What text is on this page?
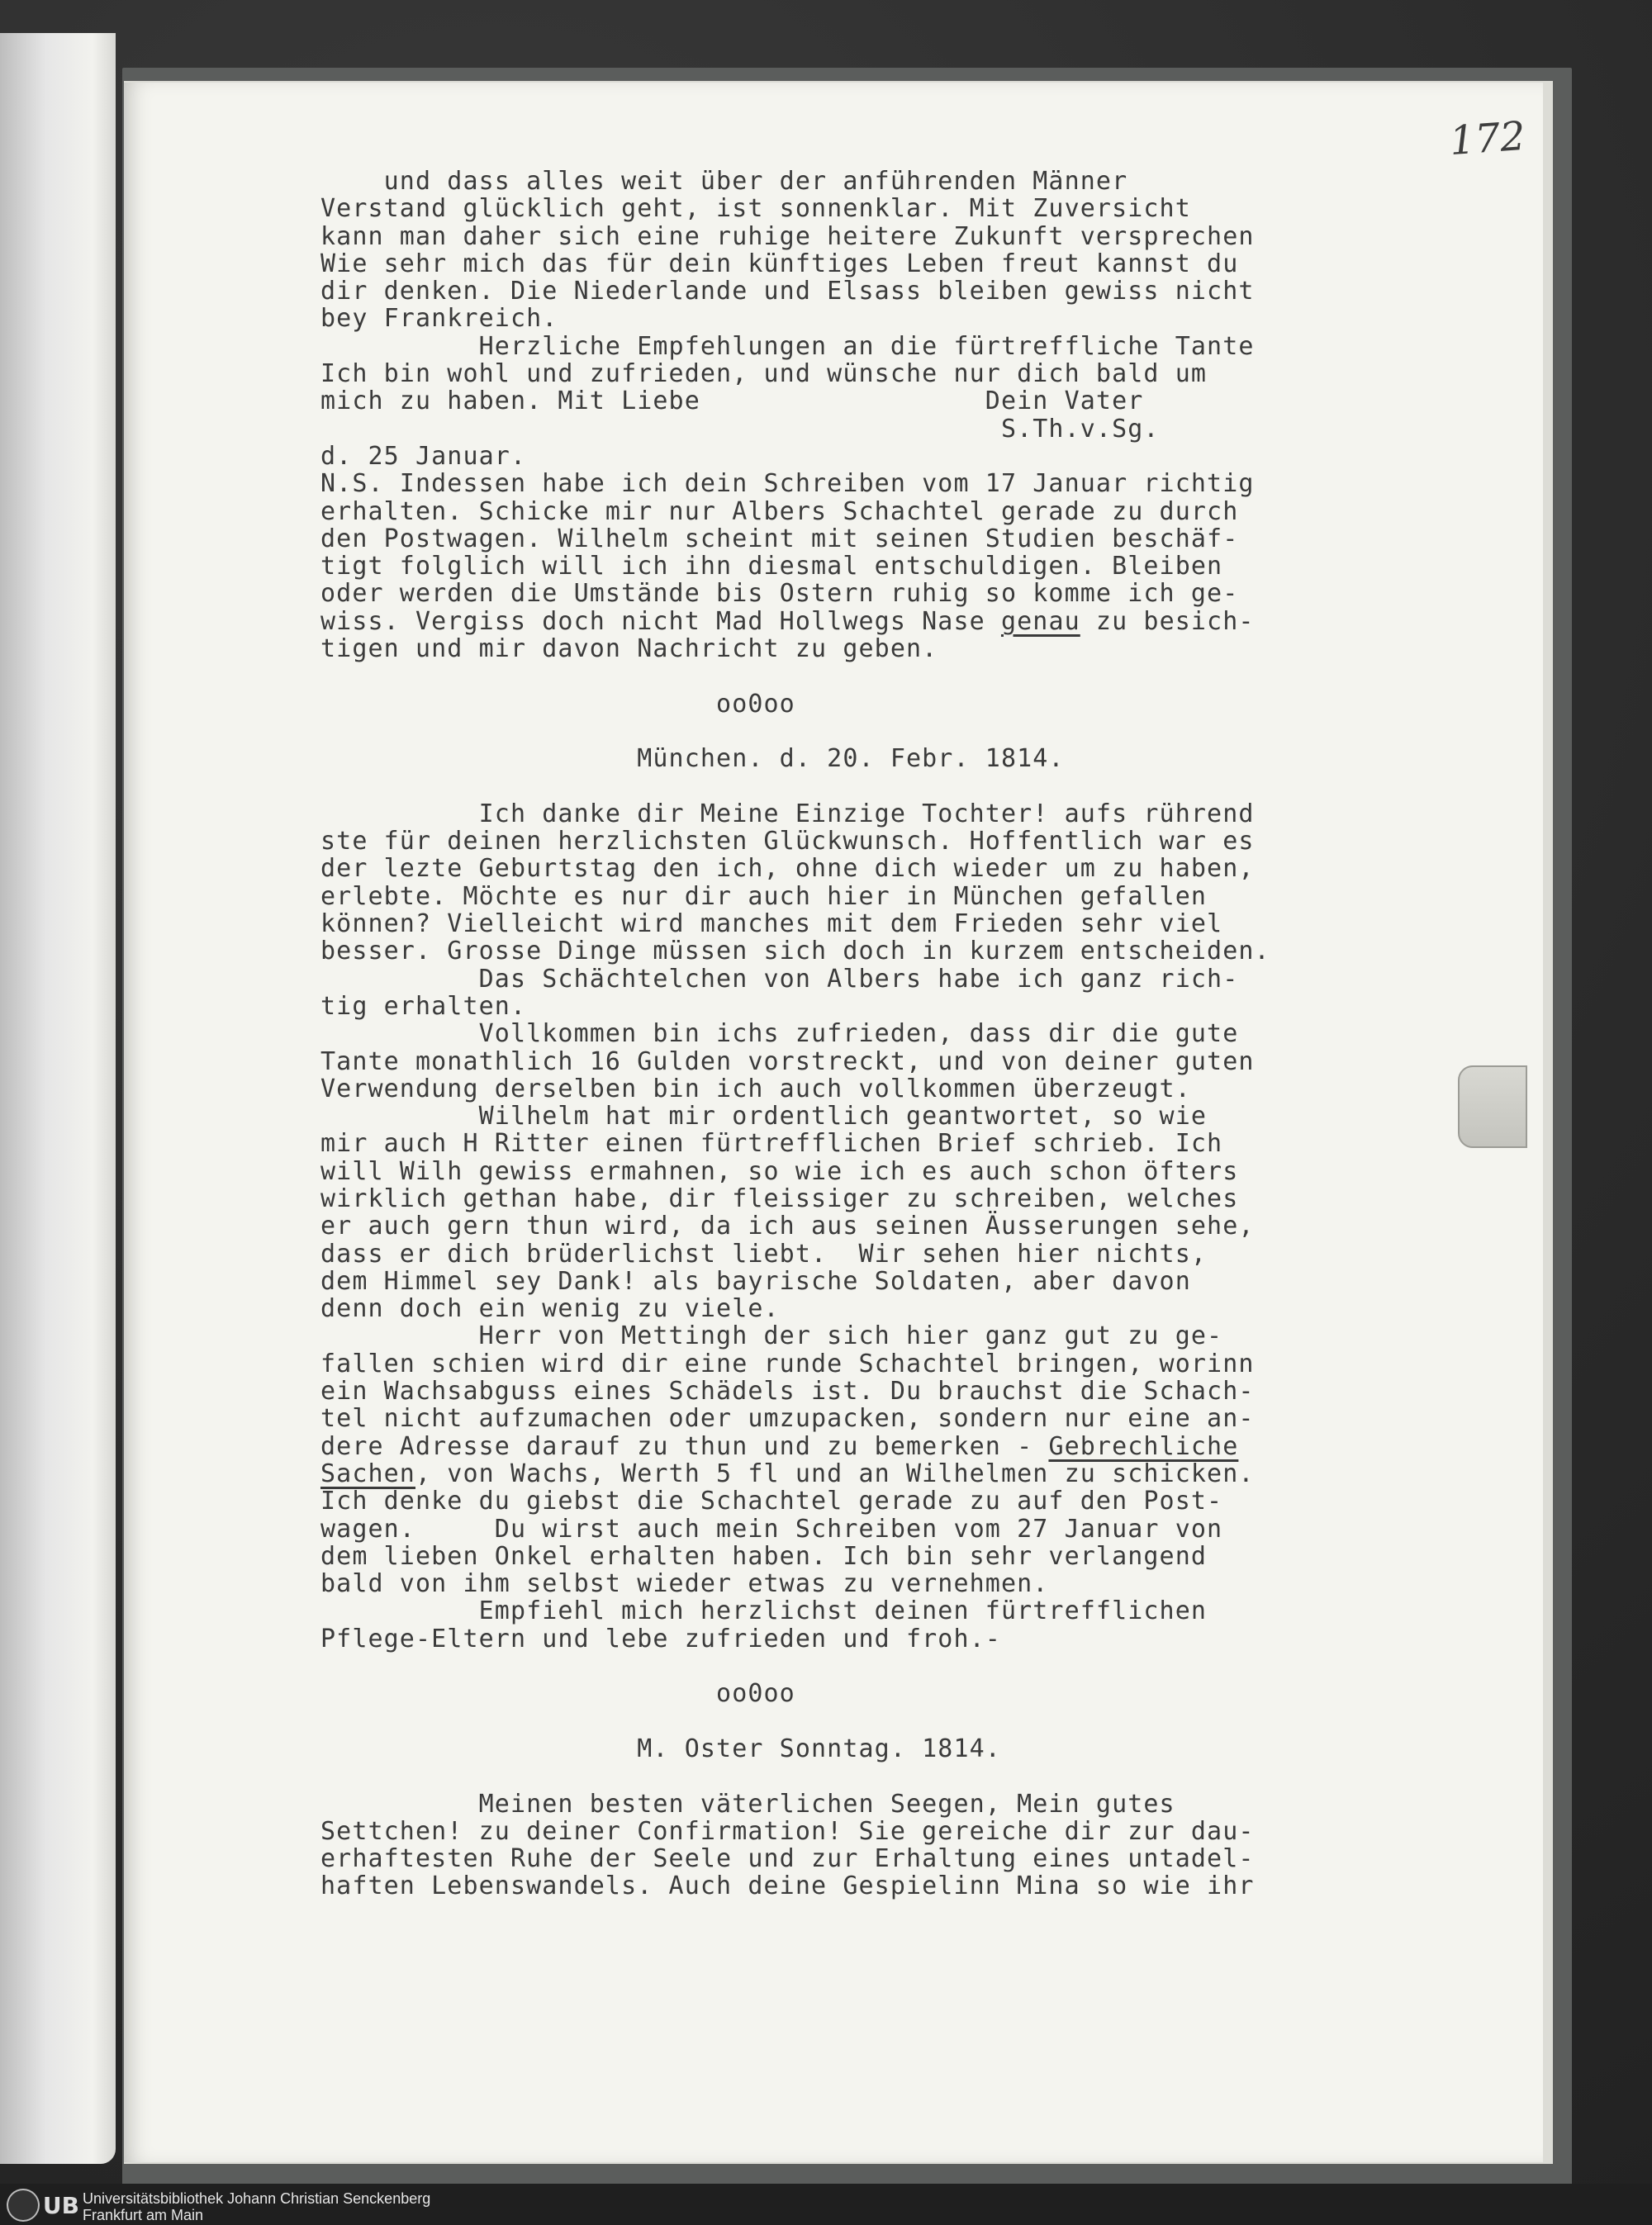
172
und dass alles weit über der anführenden Männer
Verstand glücklich geht, ist sonnenklar. Mit Zuversicht
kann man daher sich eine ruhige heitere Zukunft versprechen
Wie sehr mich das für dein künftiges Leben freut kannst du
dir denken. Die Niederlande und Elsass bleiben gewiss nicht
bey Frankreich.
Herzliche Empfehlungen an die fürtreffliche Tante
Ich bin wohl und zufrieden, und wünsche nur dich bald um
mich zu haben. Mit Liebe                  Dein Vater
S.Th.v.Sg.
d. 25 Januar.
N.S. Indessen habe ich dein Schreiben vom 17 Januar richtig
erhalten. Schicke mir nur Albers Schachtel gerade zu durch
den Postwagen. Wilhelm scheint mit seinen Studien beschäf-
tigt folglich will ich ihn diesmal entschuldigen. Bleiben
oder werden die Umstände bis Ostern ruhig so komme ich ge-
wiss. Vergiss doch nicht Mad Hollwegs Nase genau zu besich-
tigen und mir davon Nachricht zu geben.
oo0oo
München. d. 20. Febr. 1814.
Ich danke dir Meine Einzige Tochter! aufs rührend
ste für deinen herzlichsten Glückwunsch. Hoffentlich war es
der lezte Geburtstag den ich, ohne dich wieder um zu haben,
erlebte. Möchte es nur dir auch hier in München gefallen
können? Vielleicht wird manches mit dem Frieden sehr viel
besser. Grosse Dinge müssen sich doch in kurzem entscheiden.
Das Schächtelchen von Albers habe ich ganz rich-
tig erhalten.
Vollkommen bin ichs zufrieden, dass dir die gute
Tante monathlich 16 Gulden vorstreckt, und von deiner guten
Verwendung derselben bin ich auch vollkommen überzeugt.
Wilhelm hat mir ordentlich geantwortet, so wie
mir auch H Ritter einen fürtrefflichen Brief schrieb. Ich
will Wilh gewiss ermahnen, so wie ich es auch schon öfters
wirklich gethan habe, dir fleissiger zu schreiben, welches
er auch gern thun wird, da ich aus seinen Äusserungen sehe,
dass er dich brüderlichst liebt.  Wir sehen hier nichts,
dem Himmel sey Dank! als bayrische Soldaten, aber davon
denn doch ein wenig zu viele.
Herr von Mettingh der sich hier ganz gut zu ge-
fallen schien wird dir eine runde Schachtel bringen, worinn
ein Wachsabguss eines Schädels ist. Du brauchst die Schach-
tel nicht aufzumachen oder umzupacken, sondern nur eine an-
dere Adresse darauf zu thun und zu bemerken - Gebrechliche
Sachen, von Wachs, Werth 5 fl und an Wilhelmen zu schicken.
Ich denke du giebst die Schachtel gerade zu auf den Post-
wagen.     Du wirst auch mein Schreiben vom 27 Januar von
dem lieben Onkel erhalten haben. Ich bin sehr verlangend
bald von ihm selbst wieder etwas zu vernehmen.
Empfiehl mich herzlichst deinen fürtrefflichen
Pflege-Eltern und lebe zufrieden und froh.-
oo0oo
M. Oster Sonntag. 1814.
Meinen besten väterlichen Seegen, Mein gutes
Settchen! zu deiner Confirmation! Sie gereiche dir zur dau-
erhaftesten Ruhe der Seele und zur Erhaltung eines untadel-
haften Lebenswandels. Auch deine Gespielinn Mina so wie ihr
UB Universitätsbibliothek Johann Christian Senckenberg
Frankfurt am Main
